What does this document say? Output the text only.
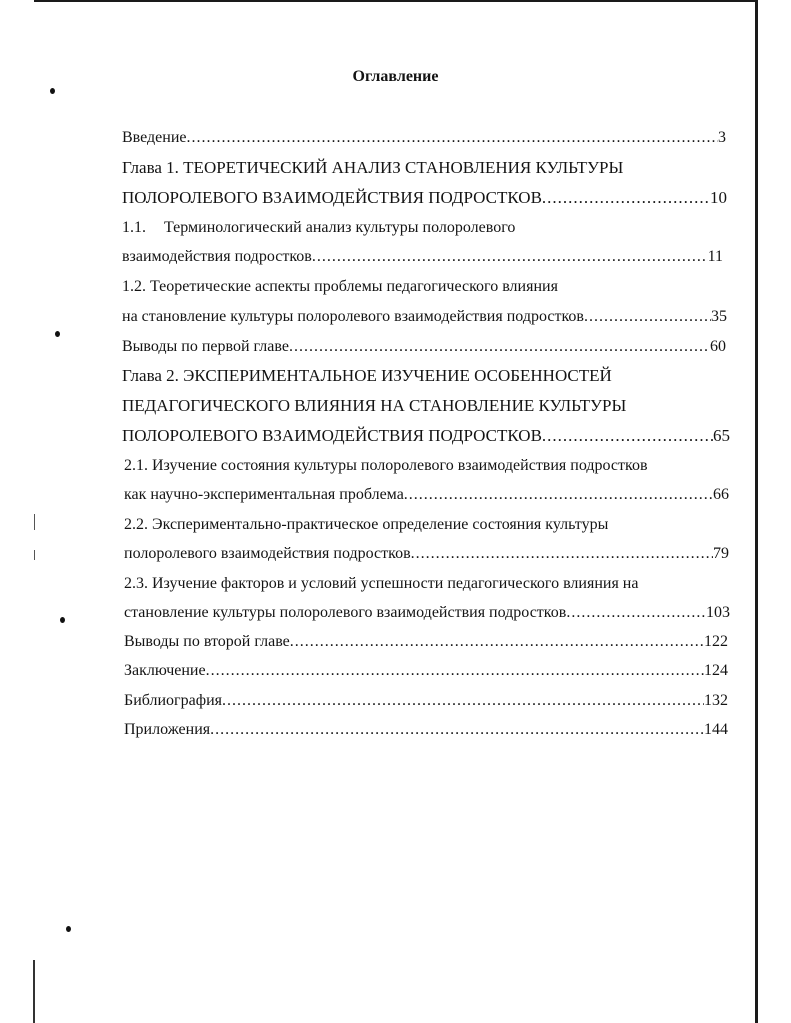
Оглавление
Введение .....	3
Глава 1. ТЕОРЕТИЧЕСКИЙ АНАЛИЗ СТАНОВЛЕНИЯ КУЛЬТУРЫ
ПОЛОРОЛЕВОГО ВЗАИМОДЕЙСТВИЯ ПОДРОСТКОВ .....	10
1.1. Терминологический анализ культуры полоролевого
взаимодействия подростков .....	11
1.2. Теоретические аспекты проблемы педагогического влияния
на становление культуры полоролевого взаимодействия подростков .....	35
Выводы по первой главе .....	60
Глава 2. ЭКСПЕРИМЕНТАЛЬНОЕ ИЗУЧЕНИЕ ОСОБЕННОСТЕЙ
ПЕДАГОГИЧЕСКОГО ВЛИЯНИЯ НА СТАНОВЛЕНИЕ КУЛЬТУРЫ
ПОЛОРОЛЕВОГО ВЗАИМОДЕЙСТВИЯ ПОДРОСТКОВ .....	65
2.1. Изучение состояния культуры полоролевого взаимодействия подростков
как научно-экспериментальная проблема .....	66
2.2. Экспериментально-практическое определение состояния культуры
полоролевого взаимодействия подростков .....	79
2.3. Изучение факторов и условий успешности педагогического влияния на
становление культуры полоролевого взаимодействия подростков .....	103
Выводы по второй главе .....	122
Заключение .....	124
Библиография .....	132
Приложения .....	144
